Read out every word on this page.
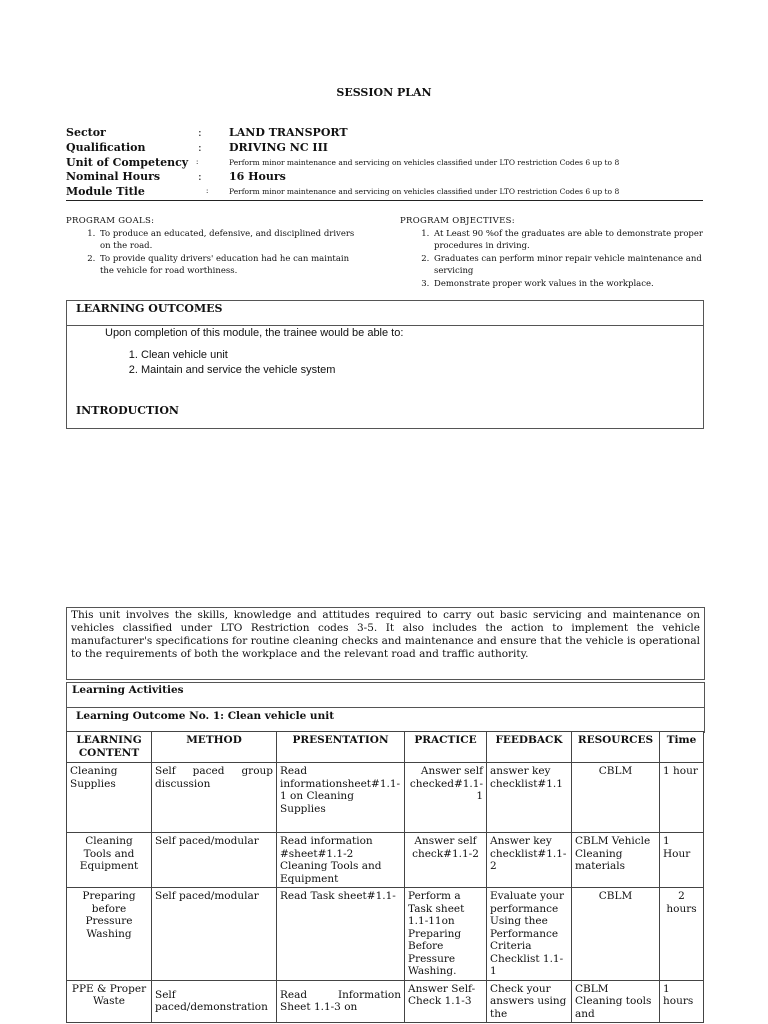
SESSION PLAN
Sector	: LAND TRANSPORT
Qualification	: DRIVING NC III
Unit of Competency :	Perform minor maintenance and servicing on vehicles classified under LTO restriction Codes 6 up to 8
Nominal Hours	: 16 Hours
Module Title	:	Perform minor maintenance and servicing on vehicles classified under LTO restriction Codes 6 up to 8
PROGRAM GOALS:
1. To produce an educated, defensive, and disciplined drivers on the road.
2. To provide quality drivers' education had he can maintain the vehicle for road worthiness.
PROGRAM OBJECTIVES:
1. At Least 90 %of the graduates are able to demonstrate proper procedures in driving.
2. Graduates can perform minor repair vehicle maintenance and servicing
3. Demonstrate proper work values in the workplace.
LEARNING OUTCOMES
Upon completion of this module, the trainee would be able to:
1. Clean vehicle unit
2. Maintain and service the vehicle system
INTRODUCTION
This unit involves the skills, knowledge and attitudes required to carry out basic servicing and maintenance on vehicles classified under LTO Restriction codes 3-5. It also includes the action to implement the vehicle manufacturer's specifications for routine cleaning checks and maintenance and ensure that the vehicle is operational to the requirements of both the workplace and the relevant road and traffic authority.
Learning Activities
Learning Outcome No. 1: Clean vehicle unit
LEARNING CONTENT	METHOD	PRESENTATION	PRACTICE	FEEDBACK	RESOURCES	Time
Cleaning Supplies	Self paced group discussion	Read informationsheet#1.1-1 on Cleaning Supplies	Answer self checked#1.1-1	answer key checklist#1.1	CBLM	1 hour
Cleaning Tools and Equipment	Self paced/modular	Read information #sheet#1.1-2 Cleaning Tools and Equipment	Answer self check#1.1-2	Answer key checklist#1.1-2	CBLM Vehicle Cleaning materials	1 Hour
Preparing before Pressure Washing	Self paced/modular	Read Task sheet#1.1-	Perform a Task sheet 1.1-11on Preparing Before Pressure Washing.	Evaluate your performance Using thee Performance Criteria Checklist 1.1-1	CBLM	2 hours
PPE & Proper Waste	Self paced/demonstration	Read Information Sheet 1.1-3 on	Answer Self-Check 1.1-3	Check your answers using the	CBLM Cleaning tools and	1 hours
